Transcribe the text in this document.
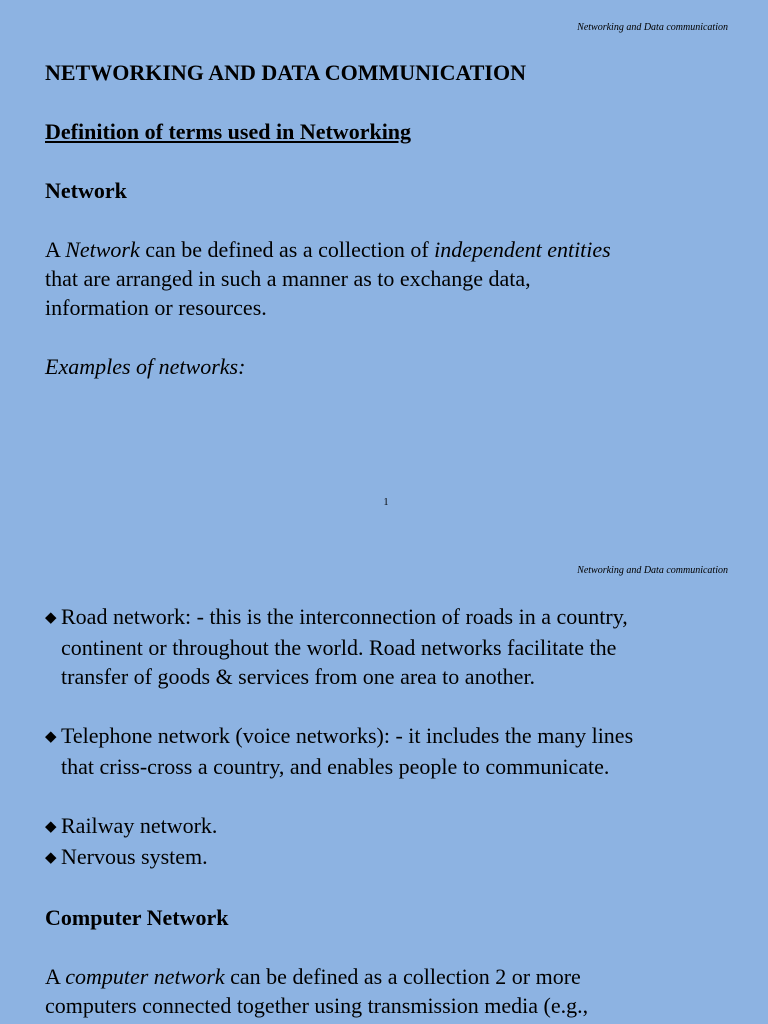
Networking and Data communication

NETWORKING AND DATA COMMUNICATION

Definition of terms used in Networking

Network

A Network can be defined as a collection of independent entities

that are arranged in such a manner as to exchange data,

information or resources.

Examples of networks:

1
Networking and Data communication

◆ Road network: - this is the interconnection of roads in a country,

continent or throughout the world. Road networks facilitate the

transfer of goods & services from one area to another.

◆ Telephone network (voice networks): - it includes the many lines

that criss-cross a country, and enables people to communicate.

◆ Railway network.

◆ Nervous system.

Computer Network

A computer network can be defined as a collection 2 or more

computers connected together using transmission media (e.g.,
